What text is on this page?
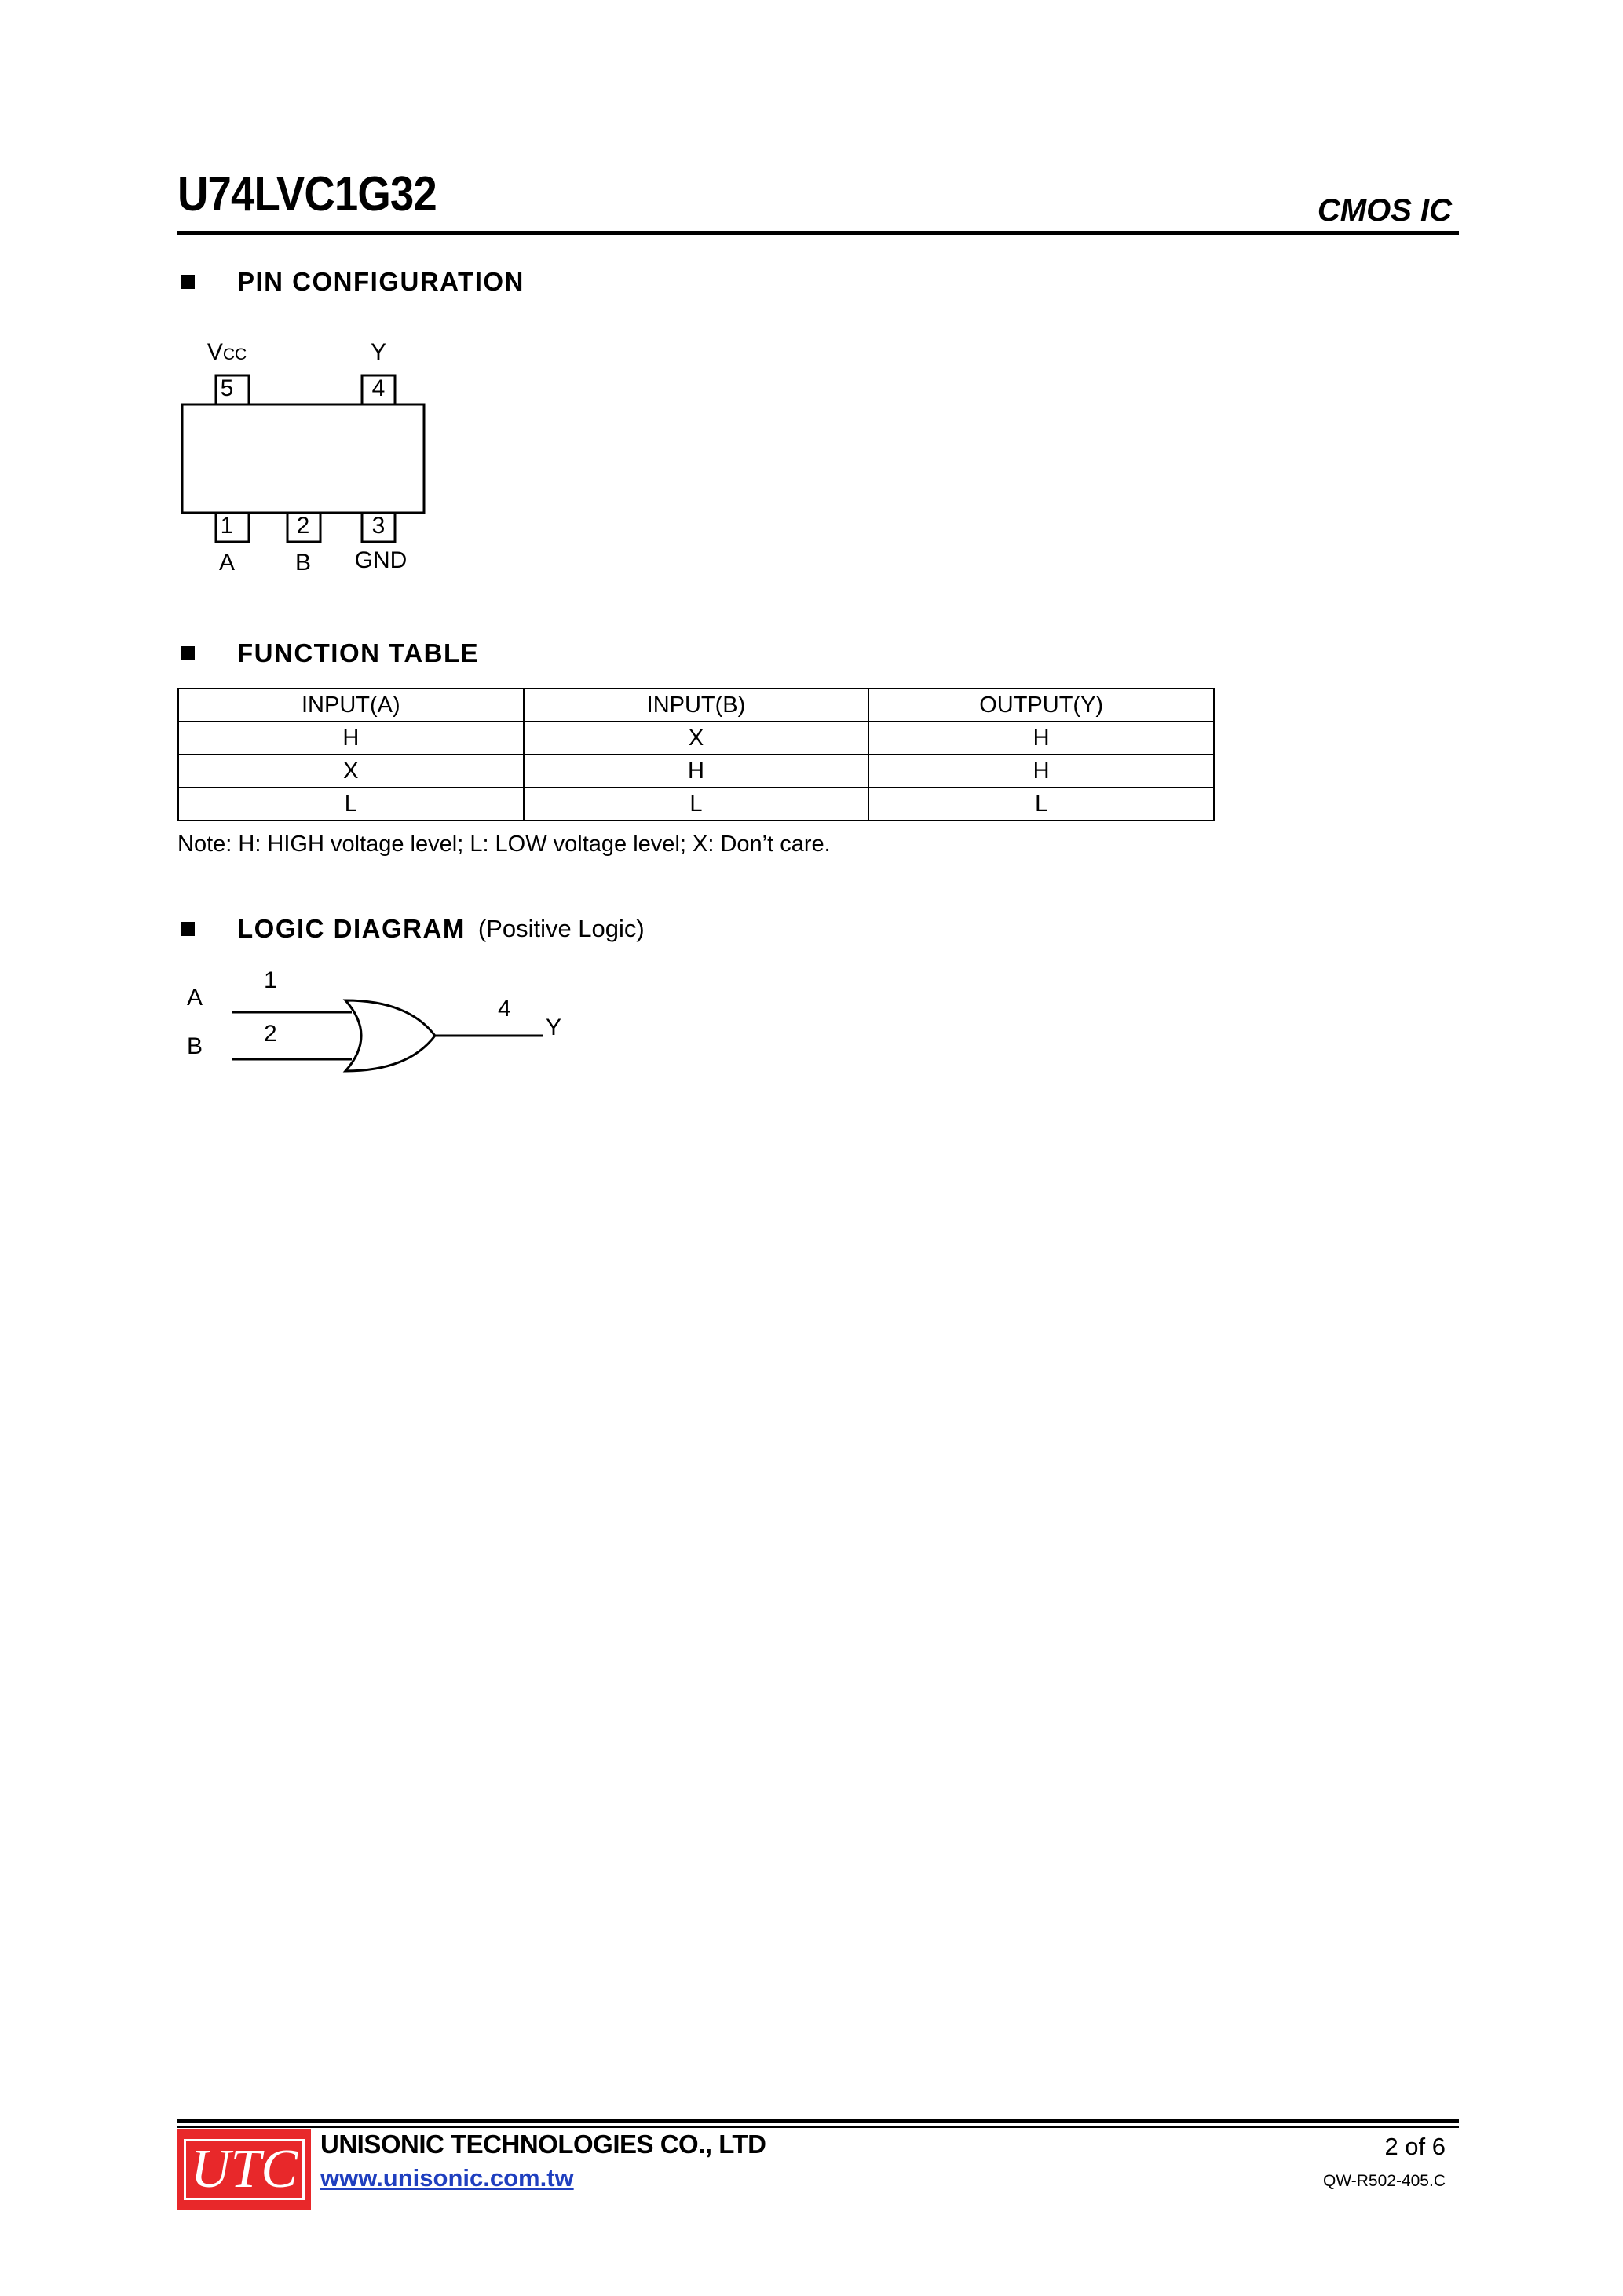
U74LVC1G32	CMOS IC
PIN CONFIGURATION
VCC	Y
5	4
1	2	3
A	B	GND
FUNCTION TABLE
INPUT(A)	INPUT(B)	OUTPUT(Y)
H	X	H
X	H	H
L	L	L
Note: H: HIGH voltage level; L: LOW voltage level; X: Don’t care.
LOGIC DIAGRAM (Positive Logic)
A
1
B	2
4
Y
UTC UNISONIC TECHNOLOGIES CO., LTD
www.unisonic.com.tw
2 of 6
QW-R502-405.C
